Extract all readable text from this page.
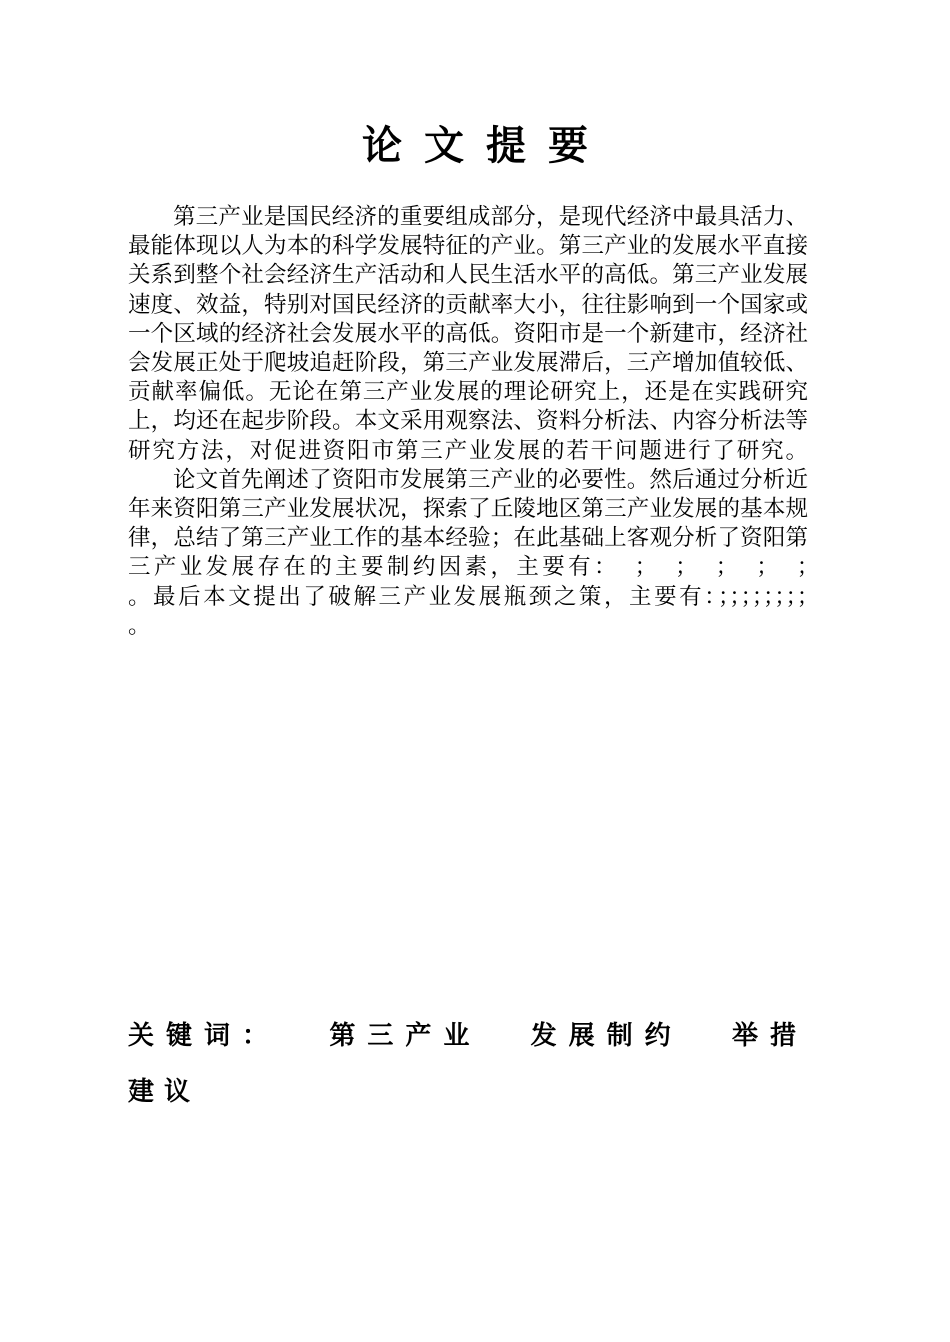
论文提要

第三产业是国民经济的重要组成部分，是现代经济中最具活力、最能体现以人为本的科学发展特征的产业。第三产业的发展水平直接关系到整个社会经济生产活动和人民生活水平的高低。第三产业发展速度、效益，特别对国民经济的贡献率大小，往往影响到一个国家或一个区域的经济社会发展水平的高低。资阳市是一个新建市，经济社会发展正处于爬坡追赶阶段，第三产业发展滞后，三产增加值较低、贡献率偏低。无论在第三产业发展的理论研究上，还是在实践研究上，均还在起步阶段。本文采用观察法、资料分析法、内容分析法等研究方法，对促进资阳市第三产业发展的若干问题进行了研究。

论文首先阐述了资阳市发展第三产业的必要性。然后通过分析近年来资阳第三产业发展状况，探索了丘陵地区第三产业发展的基本规律，总结了第三产业工作的基本经验；在此基础上客观分析了资阳第三产业发展存在的主要制约因素，主要有：　；　；　；　；　；　　　　。最后本文提出了破解三产业发展瓶颈之策，主要有：；；；；；；；；　　　。

关键词： 第三产业 发展制约 举措
建议
